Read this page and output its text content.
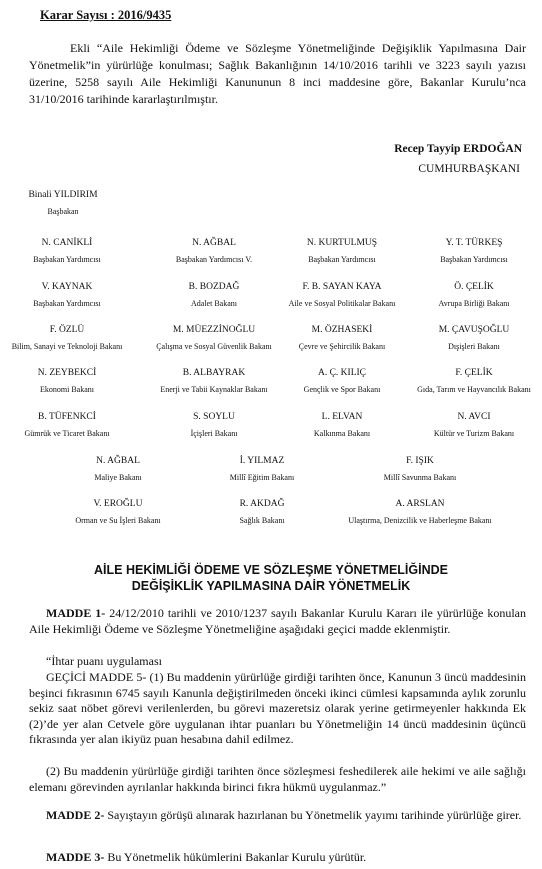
Karar Sayısı : 2016/9435
Ekli “Aile Hekimliği Ödeme ve Sözleşme Yönetmeliğinde Değişiklik Yapılmasına Dair Yönetmelik”in yürürlüğe konulması; Sağlık Bakanlığının 14/10/2016 tarihli ve 3223 sayılı yazısı üzerine, 5258 sayılı Aile Hekimliği Kanununun 8 inci maddesine göre, Bakanlar Kurulu’nca 31/10/2016 tarihinde kararlaştırılmıştır.
Recep Tayyip ERDOĞAN
CUMHURBAŞKANI
Binali YILDIRIM
Başbakan
N. CANİKLİ
Başbakan Yardımcısı
N. AĞBAL
Başbakan Yardımcısı V.
N. KURTULMUŞ
Başbakan Yardımcısı
Y. T. TÜRKEŞ
Başbakan Yardımcısı
V. KAYNAK
Başbakan Yardımcısı
B. BOZDAĞ
Adalet Bakanı
F. B. SAYAN KAYA
Aile ve Sosyal Politikalar Bakanı
Ö. ÇELİK
Avrupa Birliği Bakanı
F. ÖZLÜ
Bilim, Sanayi ve Teknoloji Bakanı
M. MÜEZZİNOĞLU
Çalışma ve Sosyal Güvenlik Bakanı
M. ÖZHASEKİ
Çevre ve Şehircilik Bakanı
M. ÇAVUŞOĞLU
Dışişleri Bakanı
N. ZEYBEKCİ
Ekonomi Bakanı
B. ALBAYRAK
Enerji ve Tabii Kaynaklar Bakanı
A. Ç. KILIÇ
Gençlik ve Spor Bakanı
F. ÇELİK
Gıda, Tarım ve Hayvancılık Bakanı
B. TÜFENKCİ
Gümrük ve Ticaret Bakanı
S. SOYLU
İçişleri Bakanı
L. ELVAN
Kalkınma Bakanı
N. AVCI
Kültür ve Turizm Bakanı
N. AĞBAL
Maliye Bakanı
İ. YILMAZ
Millî Eğitim Bakanı
F. IŞIK
Millî Savunma Bakanı
V. EROĞLU
Orman ve Su İşleri Bakanı
R. AKDAĞ
Sağlık Bakanı
A. ARSLAN
Ulaştırma, Denizcilik ve Haberleşme Bakanı
AİLE HEKİMLİĞİ ÖDEME VE SÖZLEŞME YÖNETMELİĞİNDE DEĞİŞİKLİK YAPILMASINA DAİR YÖNETMELİK
MADDE 1- 24/12/2010 tarihli ve 2010/1237 sayılı Bakanlar Kurulu Kararı ile yürürlüğe konulan Aile Hekimliği Ödeme ve Sözleşme Yönetmeliğine aşağıdaki geçici madde eklenmiştir.
“İhtar puanı uygulaması
GEÇİCİ MADDE 5- (1) Bu maddenin yürürlüğe girdiği tarihten önce, Kanunun 3 üncü maddesinin beşinci fıkrasının 6745 sayılı Kanunla değiştirilmeden önceki ikinci cümlesi kapsamında aylık zorunlu sekiz saat nöbet görevi verilenlerden, bu görevi mazeretsiz olarak yerine getirmeyenler hakkında Ek (2)’de yer alan Cetvele göre uygulanan ihtar puanları bu Yönetmeliğin 14 üncü maddesinin üçüncü fıkrasında yer alan ikiyüz puan hesabına dahil edilmez.
(2) Bu maddenin yürürlüğe girdiği tarihten önce sözleşmesi feshedilerek aile hekimi ve aile sağlığı elemanı görevinden ayrılanlar hakkında birinci fıkra hükmü uygulanmaz.”
MADDE 2- Sayıştayın görüşü alınarak hazırlanan bu Yönetmelik yayımı tarihinde yürürlüğe girer.
MADDE 3- Bu Yönetmelik hükümlerini Bakanlar Kurulu yürütür.
